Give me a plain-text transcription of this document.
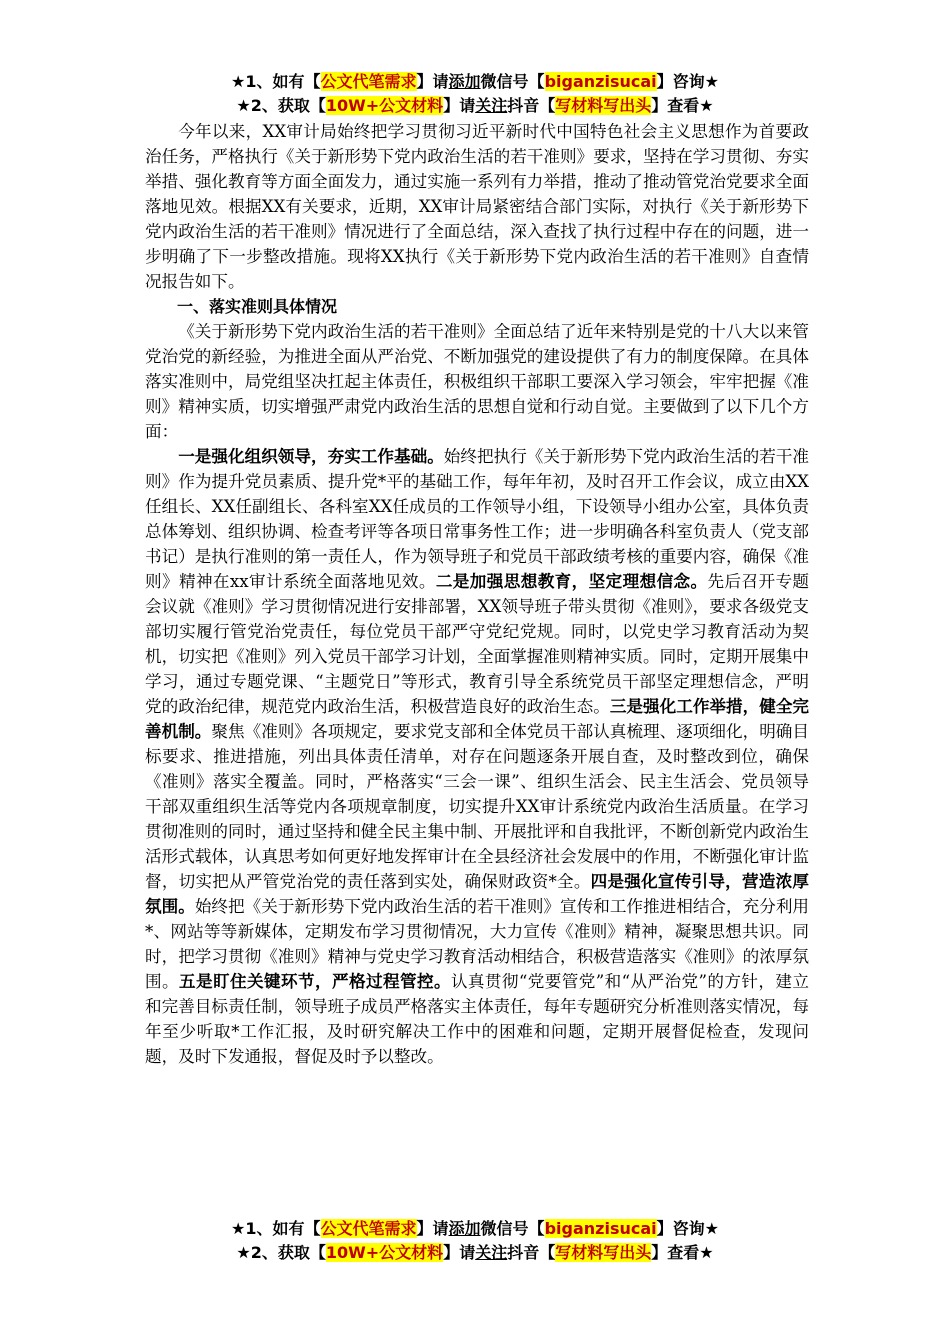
★1、如有【公文代笔需求】请添加微信号【biganzisucai】咨询★
★2、获取【10W+公文材料】请关注抖音【写材料写出头】查看★

今年以来，XX审计局始终把学习贯彻习近平新时代中国特色社会主义思想作为首要政治任务，严格执行《关于新形势下党内政治生活的若干准则》要求，坚持在学习贯彻、夯实举措、强化教育等方面全面发力，通过实施一系列有力举措，推动了推动管党治党要求全面落地见效。根据XX有关要求，近期，XX审计局紧密结合部门实际，对执行《关于新形势下党内政治生活的若干准则》情况进行了全面总结，深入查找了执行过程中存在的问题，进一步明确了下一步整改措施。现将XX执行《关于新形势下党内政治生活的若干准则》自查情况报告如下。

一、落实准则具体情况

《关于新形势下党内政治生活的若干准则》全面总结了近年来特别是党的十八大以来管党治党的新经验，为推进全面从严治党、不断加强党的建设提供了有力的制度保障。在具体落实准则中，局党组坚决扛起主体责任，积极组织干部职工要深入学习领会，牢牢把握《准则》精神实质，切实增强严肃党内政治生活的思想自觉和行动自觉。主要做到了以下几个方面：

一是强化组织领导，夯实工作基础。始终把执行《关于新形势下党内政治生活的若干准则》作为提升党员素质、提升党*平的基础工作，每年年初，及时召开工作会议，成立由XX任组长、XX任副组长、各科室XX任成员的工作领导小组，下设领导小组办公室，具体负责总体筹划、组织协调、检查考评等各项日常事务性工作；进一步明确各科室负责人（党支部书记）是执行准则的第一责任人，作为领导班子和党员干部政绩考核的重要内容，确保《准则》精神在xx审计系统全面落地见效。二是加强思想教育，坚定理想信念。先后召开专题会议就《准则》学习贯彻情况进行安排部署，XX领导班子带头贯彻《准则》，要求各级党支部切实履行管党治党责任，每位党员干部严守党纪党规。同时，以党史学习教育活动为契机，切实把《准则》列入党员干部学习计划，全面掌握准则精神实质。同时，定期开展集中学习，通过专题党课、“主题党日”等形式，教育引导全系统党员干部坚定理想信念，严明党的政治纪律，规范党内政治生活，积极营造良好的政治生态。三是强化工作举措，健全完善机制。聚焦《准则》各项规定，要求党支部和全体党员干部认真梳理、逐项细化，明确目标要求、推进措施，列出具体责任清单，对存在问题逐条开展自查，及时整改到位，确保《准则》落实全覆盖。同时，严格落实“三会一课”、组织生活会、民主生活会、党员领导干部双重组织生活等党内各项规章制度，切实提升XX审计系统党内政治生活质量。在学习贯彻准则的同时，通过坚持和健全民主集中制、开展批评和自我批评，不断创新党内政治生活形式载体，认真思考如何更好地发挥审计在全县经济社会发展中的作用，不断强化审计监督，切实把从严管党治党的责任落到实处，确保财政资*全。四是强化宣传引导，营造浓厚氛围。始终把《关于新形势下党内政治生活的若干准则》宣传和工作推进相结合，充分利用*、网站等等新媒体，定期发布学习贯彻情况，大力宣传《准则》精神，凝聚思想共识。同时，把学习贯彻《准则》精神与党史学习教育活动相结合，积极营造落实《准则》的浓厚氛围。五是盯住关键环节，严格过程管控。认真贯彻“党要管党”和“从严治党”的方针，建立和完善目标责任制，领导班子成员严格落实主体责任，每年专题研究分析准则落实情况，每年至少听取*工作汇报，及时研究解决工作中的困难和问题，定期开展督促检查，发现问题，及时下发通报，督促及时予以整改。

★1、如有【公文代笔需求】请添加微信号【biganzisucai】咨询★
★2、获取【10W+公文材料】请关注抖音【写材料写出头】查看★
